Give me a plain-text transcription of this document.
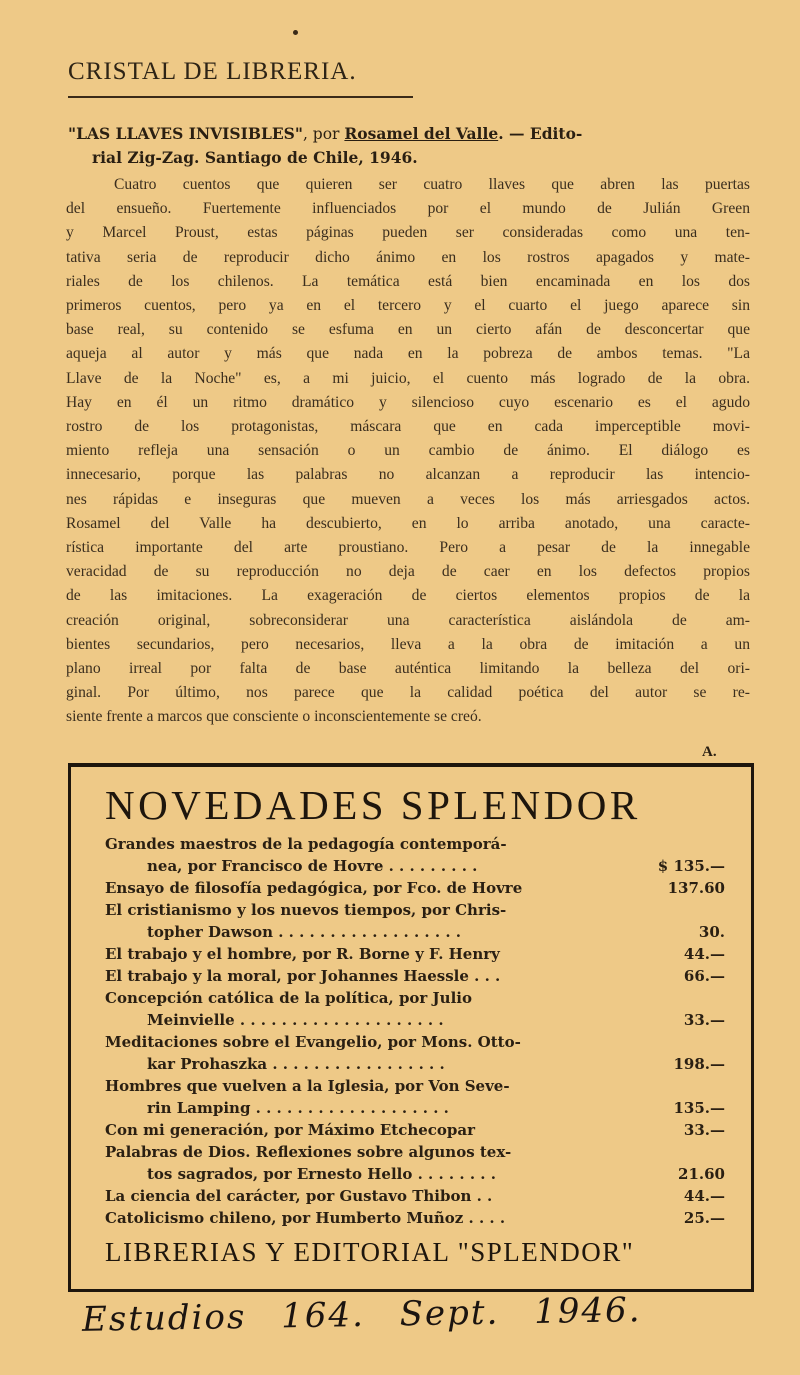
CRISTAL DE LIBRERIA.
"LAS LLAVES INVISIBLES", por Rosamel del Valle. — Edito-
rial Zig-Zag. Santiago de Chile, 1946.
Cuatro cuentos que quieren ser cuatro llaves que abren las puertas
del ensueño. Fuertemente influenciados por el mundo de Julián Green
y Marcel Proust, estas páginas pueden ser consideradas como una ten-
tativa seria de reproducir dicho ánimo en los rostros apagados y mate-
riales de los chilenos. La temática está bien encaminada en los dos
primeros cuentos, pero ya en el tercero y el cuarto el juego aparece sin
base real, su contenido se esfuma en un cierto afán de desconcertar que
aqueja al autor y más que nada en la pobreza de ambos temas. "La
Llave de la Noche" es, a mi juicio, el cuento más logrado de la obra.
Hay en él un ritmo dramático y silencioso cuyo escenario es el agudo
rostro de los protagonistas, máscara que en cada imperceptible movi-
miento refleja una sensación o un cambio de ánimo. El diálogo es
innecesario, porque las palabras no alcanzan a reproducir las intencio-
nes rápidas e inseguras que mueven a veces los más arriesgados actos.
Rosamel del Valle ha descubierto, en lo arriba anotado, una caracte-
rística importante del arte proustiano. Pero a pesar de la innegable
veracidad de su reproducción no deja de caer en los defectos propios
de las imitaciones. La exageración de ciertos elementos propios de la
creación original, sobreconsiderar una característica aislándola de am-
bientes secundarios, pero necesarios, lleva a la obra de imitación a un
plano irreal por falta de base auténtica limitando la belleza del ori-
ginal. Por último, nos parece que la calidad poética del autor se re-
siente frente a marcos que consciente o inconscientemente se creó.
A.
NOVEDADES SPLENDOR
Grandes maestros de la pedagogía contemporá-
nea, por Francisco de Hovre . . . . . . . . .	$ 135.—
Ensayo de filosofía pedagógica, por Fco. de Hovre	137.60
El cristianismo y los nuevos tiempos, por Chris-
topher Dawson . . . . . . . . . . . . . . . . . .	30.
El trabajo y el hombre, por R. Borne y F. Henry	44.—
El trabajo y la moral, por Johannes Haessle . . .	66.—
Concepción católica de la política, por Julio
Meinvielle . . . . . . . . . . . . . . . . . . . .	33.—
Meditaciones sobre el Evangelio, por Mons. Otto-
kar Prohaszka . . . . . . . . . . . . . . . . .	198.—
Hombres que vuelven a la Iglesia, por Von Seve-
rin Lamping . . . . . . . . . . . . . . . . . . .	135.—
Con mi generación, por Máximo Etchecopar	33.—
Palabras de Dios. Reflexiones sobre algunos tex-
tos sagrados, por Ernesto Hello . . . . . . . .	21.60
La ciencia del carácter, por Gustavo Thibon . .	44.—
Catolicismo chileno, por Humberto Muñoz . . . .	25.—
LIBRERIAS Y EDITORIAL "SPLENDOR"
Estudios 164. Sept. 1946.
